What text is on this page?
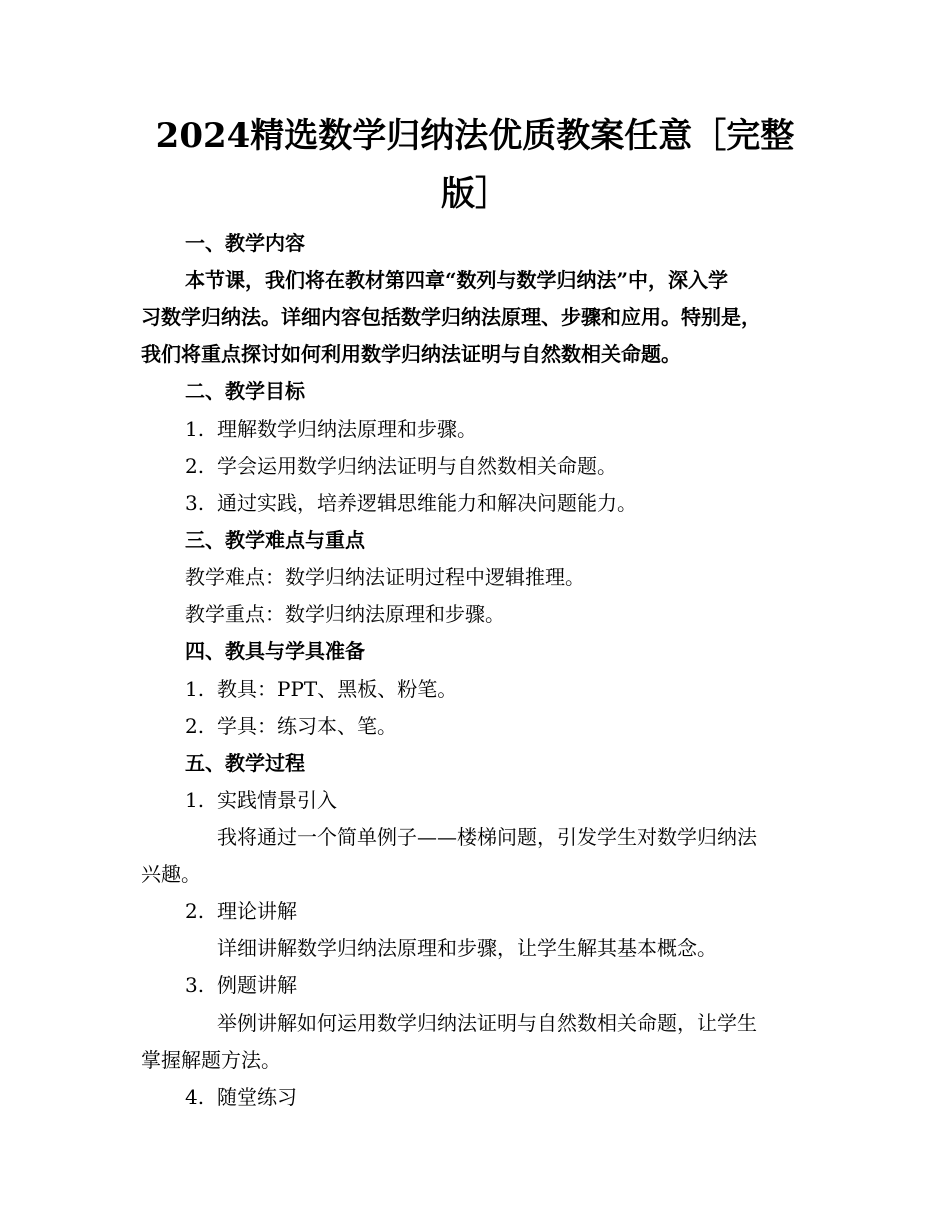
2024精选数学归纳法优质教案任意［完整
版］

一、教学内容

本节课，我们将在教材第四章“数列与数学归纳法”中，深入学

习数学归纳法。详细内容包括数学归纳法原理、步骤和应用。特别是，

我们将重点探讨如何利用数学归纳法证明与自然数相关命题。

二、教学目标

1. 理解数学归纳法原理和步骤。

2. 学会运用数学归纳法证明与自然数相关命题。

3. 通过实践，培养逻辑思维能力和解决问题能力。

三、教学难点与重点

教学难点：数学归纳法证明过程中逻辑推理。

教学重点：数学归纳法原理和步骤。

四、教具与学具准备

1. 教具：PPT、黑板、粉笔。

2. 学具：练习本、笔。

五、教学过程

1. 实践情景引入

我将通过一个简单例子——楼梯问题，引发学生对数学归纳法

兴趣。

2. 理论讲解

详细讲解数学归纳法原理和步骤，让学生解其基本概念。

3. 例题讲解

举例讲解如何运用数学归纳法证明与自然数相关命题，让学生

掌握解题方法。

4. 随堂练习
